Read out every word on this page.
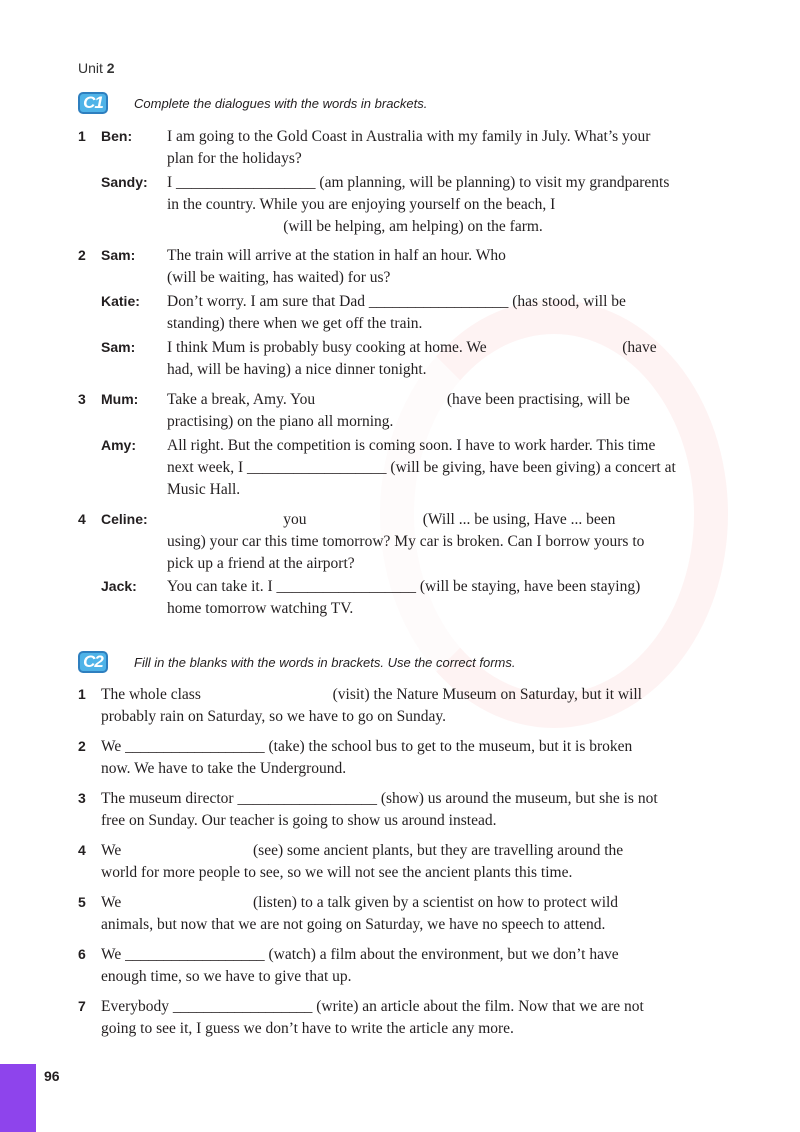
Unit 2
C1	Complete the dialogues with the words in brackets.
1 Ben: I am going to the Gold Coast in Australia with my family in July. What’s your
plan for the holidays?
Sandy: I __________________ (am planning, will be planning) to visit my grandparents
in the country. While you are enjoying yourself on the beach, I
(will be helping, am helping) on the farm.
2 Sam: The train will arrive at the station in half an hour. Who
(will be waiting, has waited) for us?
Katie: Don’t worry. I am sure that Dad __________________ (has stood, will be
standing) there when we get off the train.
Sam: I think Mum is probably busy cooking at home. We                                   (have
had, will be having) a nice dinner tonight.
3 Mum: Take a break, Amy. You                                  (have been practising, will be
practising) on the piano all morning.
Amy: All right. But the competition is coming soon. I have to work harder. This time
next week, I __________________ (will be giving, have been giving) a concert at
Music Hall.
4 Celine: you                              (Will ... be using, Have ... been
using) your car this time tomorrow? My car is broken. Can I borrow yours to
pick up a friend at the airport?
Jack: You can take it. I __________________ (will be staying, have been staying)
home tomorrow watching TV.
C2	Fill in the blanks with the words in brackets. Use the correct forms.
1 The whole class                                  (visit) the Nature Museum on Saturday, but it will
probably rain on Saturday, so we have to go on Sunday.
2 We __________________ (take) the school bus to get to the museum, but it is broken
now. We have to take the Underground.
3 The museum director __________________ (show) us around the museum, but she is not
free on Sunday. Our teacher is going to show us around instead.
4 We                                  (see) some ancient plants, but they are travelling around the
world for more people to see, so we will not see the ancient plants this time.
5 We                                  (listen) to a talk given by a scientist on how to protect wild
animals, but now that we are not going on Saturday, we have no speech to attend.
6 We __________________ (watch) a film about the environment, but we don’t have
enough time, so we have to give that up.
7 Everybody __________________ (write) an article about the film. Now that we are not
going to see it, I guess we don’t have to write the article any more.
96
